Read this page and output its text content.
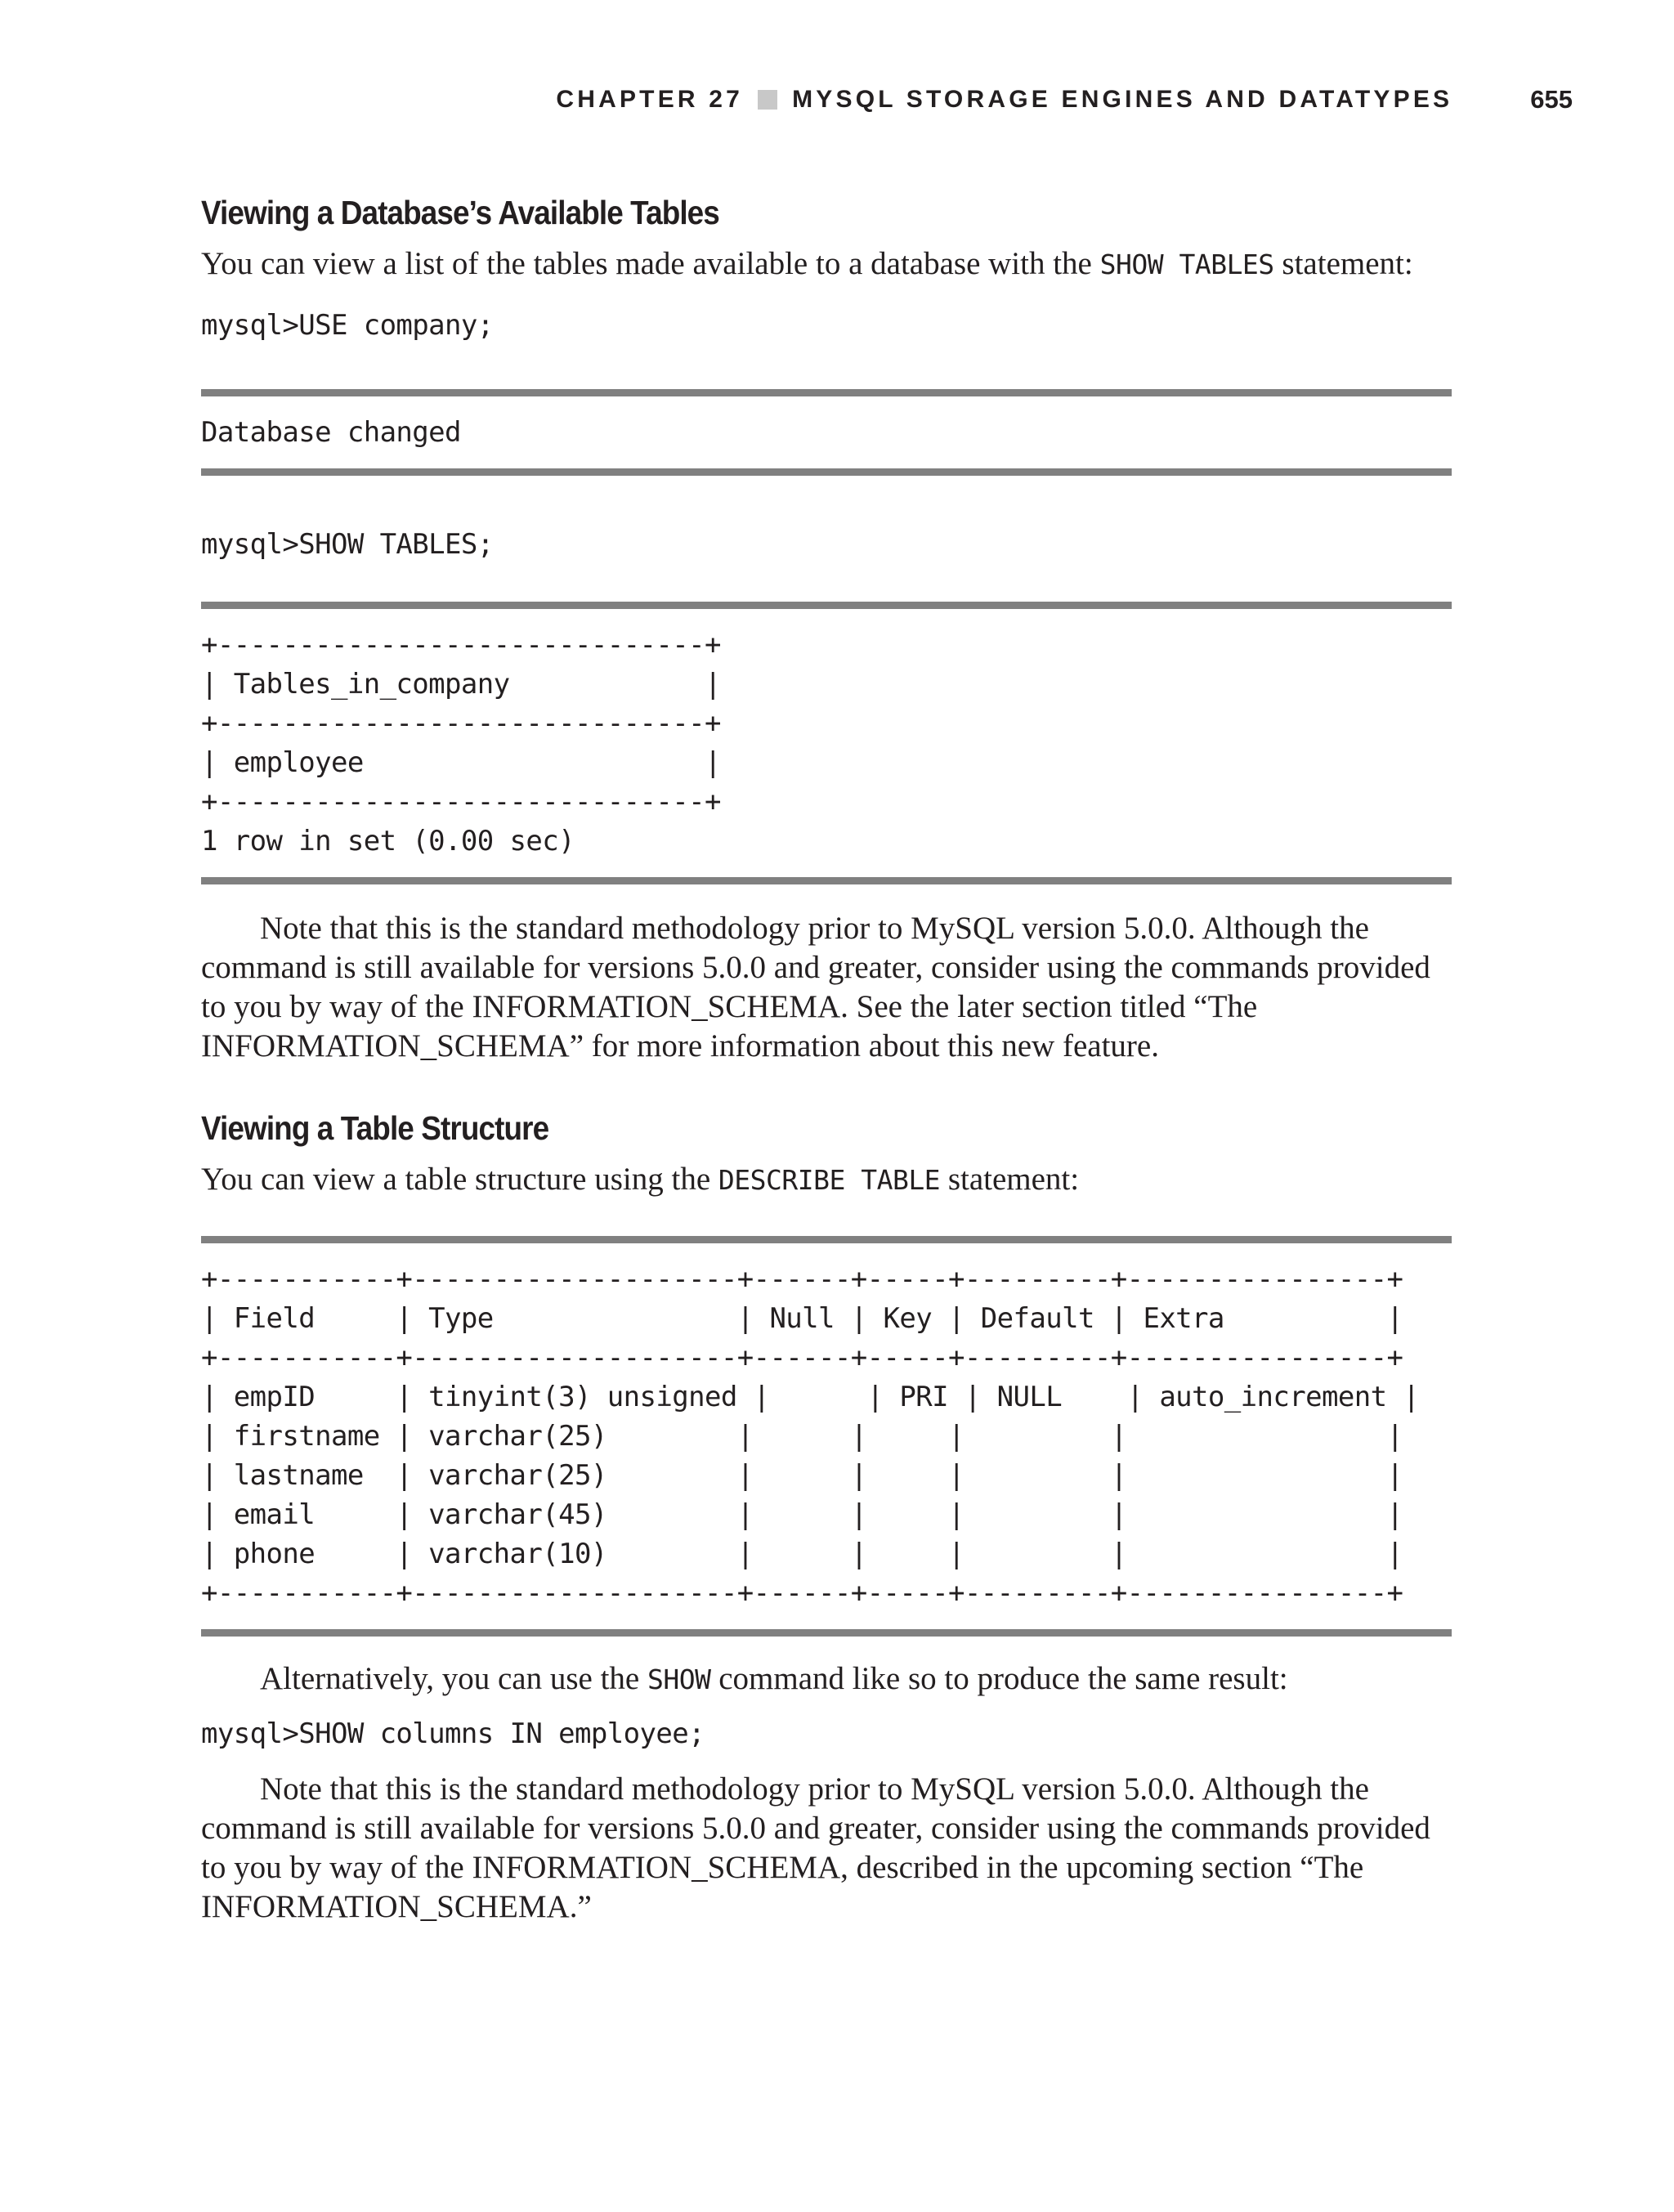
CHAPTER 27 MYSQL STORAGE ENGINES AND DATATYPES	655
Viewing a Database’s Available Tables

You can view a list of the tables made available to a database with the SHOW TABLES statement:

mysql>USE company;

Database changed

mysql>SHOW TABLES;

+------------------------------+
| Tables_in_company            |
+------------------------------+
| employee                     |
+------------------------------+
1 row in set (0.00 sec)

Note that this is the standard methodology prior to MySQL version 5.0.0. Although the command is still available for versions 5.0.0 and greater, consider using the commands provided to you by way of the INFORMATION_SCHEMA. See the later section titled “The INFORMATION_SCHEMA” for more information about this new feature.

Viewing a Table Structure

You can view a table structure using the DESCRIBE TABLE statement:

+-----------+--------------------+------+-----+---------+----------------+
| Field     | Type               | Null | Key | Default | Extra          |
+-----------+--------------------+------+-----+---------+----------------+
| empID     | tinyint(3) unsigned |      | PRI | NULL    | auto_increment |
| firstname | varchar(25)        |      |     |         |                |
| lastname  | varchar(25)        |      |     |         |                |
| email     | varchar(45)        |      |     |         |                |
| phone     | varchar(10)        |      |     |         |                |
+-----------+--------------------+------+-----+---------+----------------+

Alternatively, you can use the SHOW command like so to produce the same result:

mysql>SHOW columns IN employee;

Note that this is the standard methodology prior to MySQL version 5.0.0. Although the command is still available for versions 5.0.0 and greater, consider using the commands provided to you by way of the INFORMATION_SCHEMA, described in the upcoming section “The INFORMATION_SCHEMA.”
